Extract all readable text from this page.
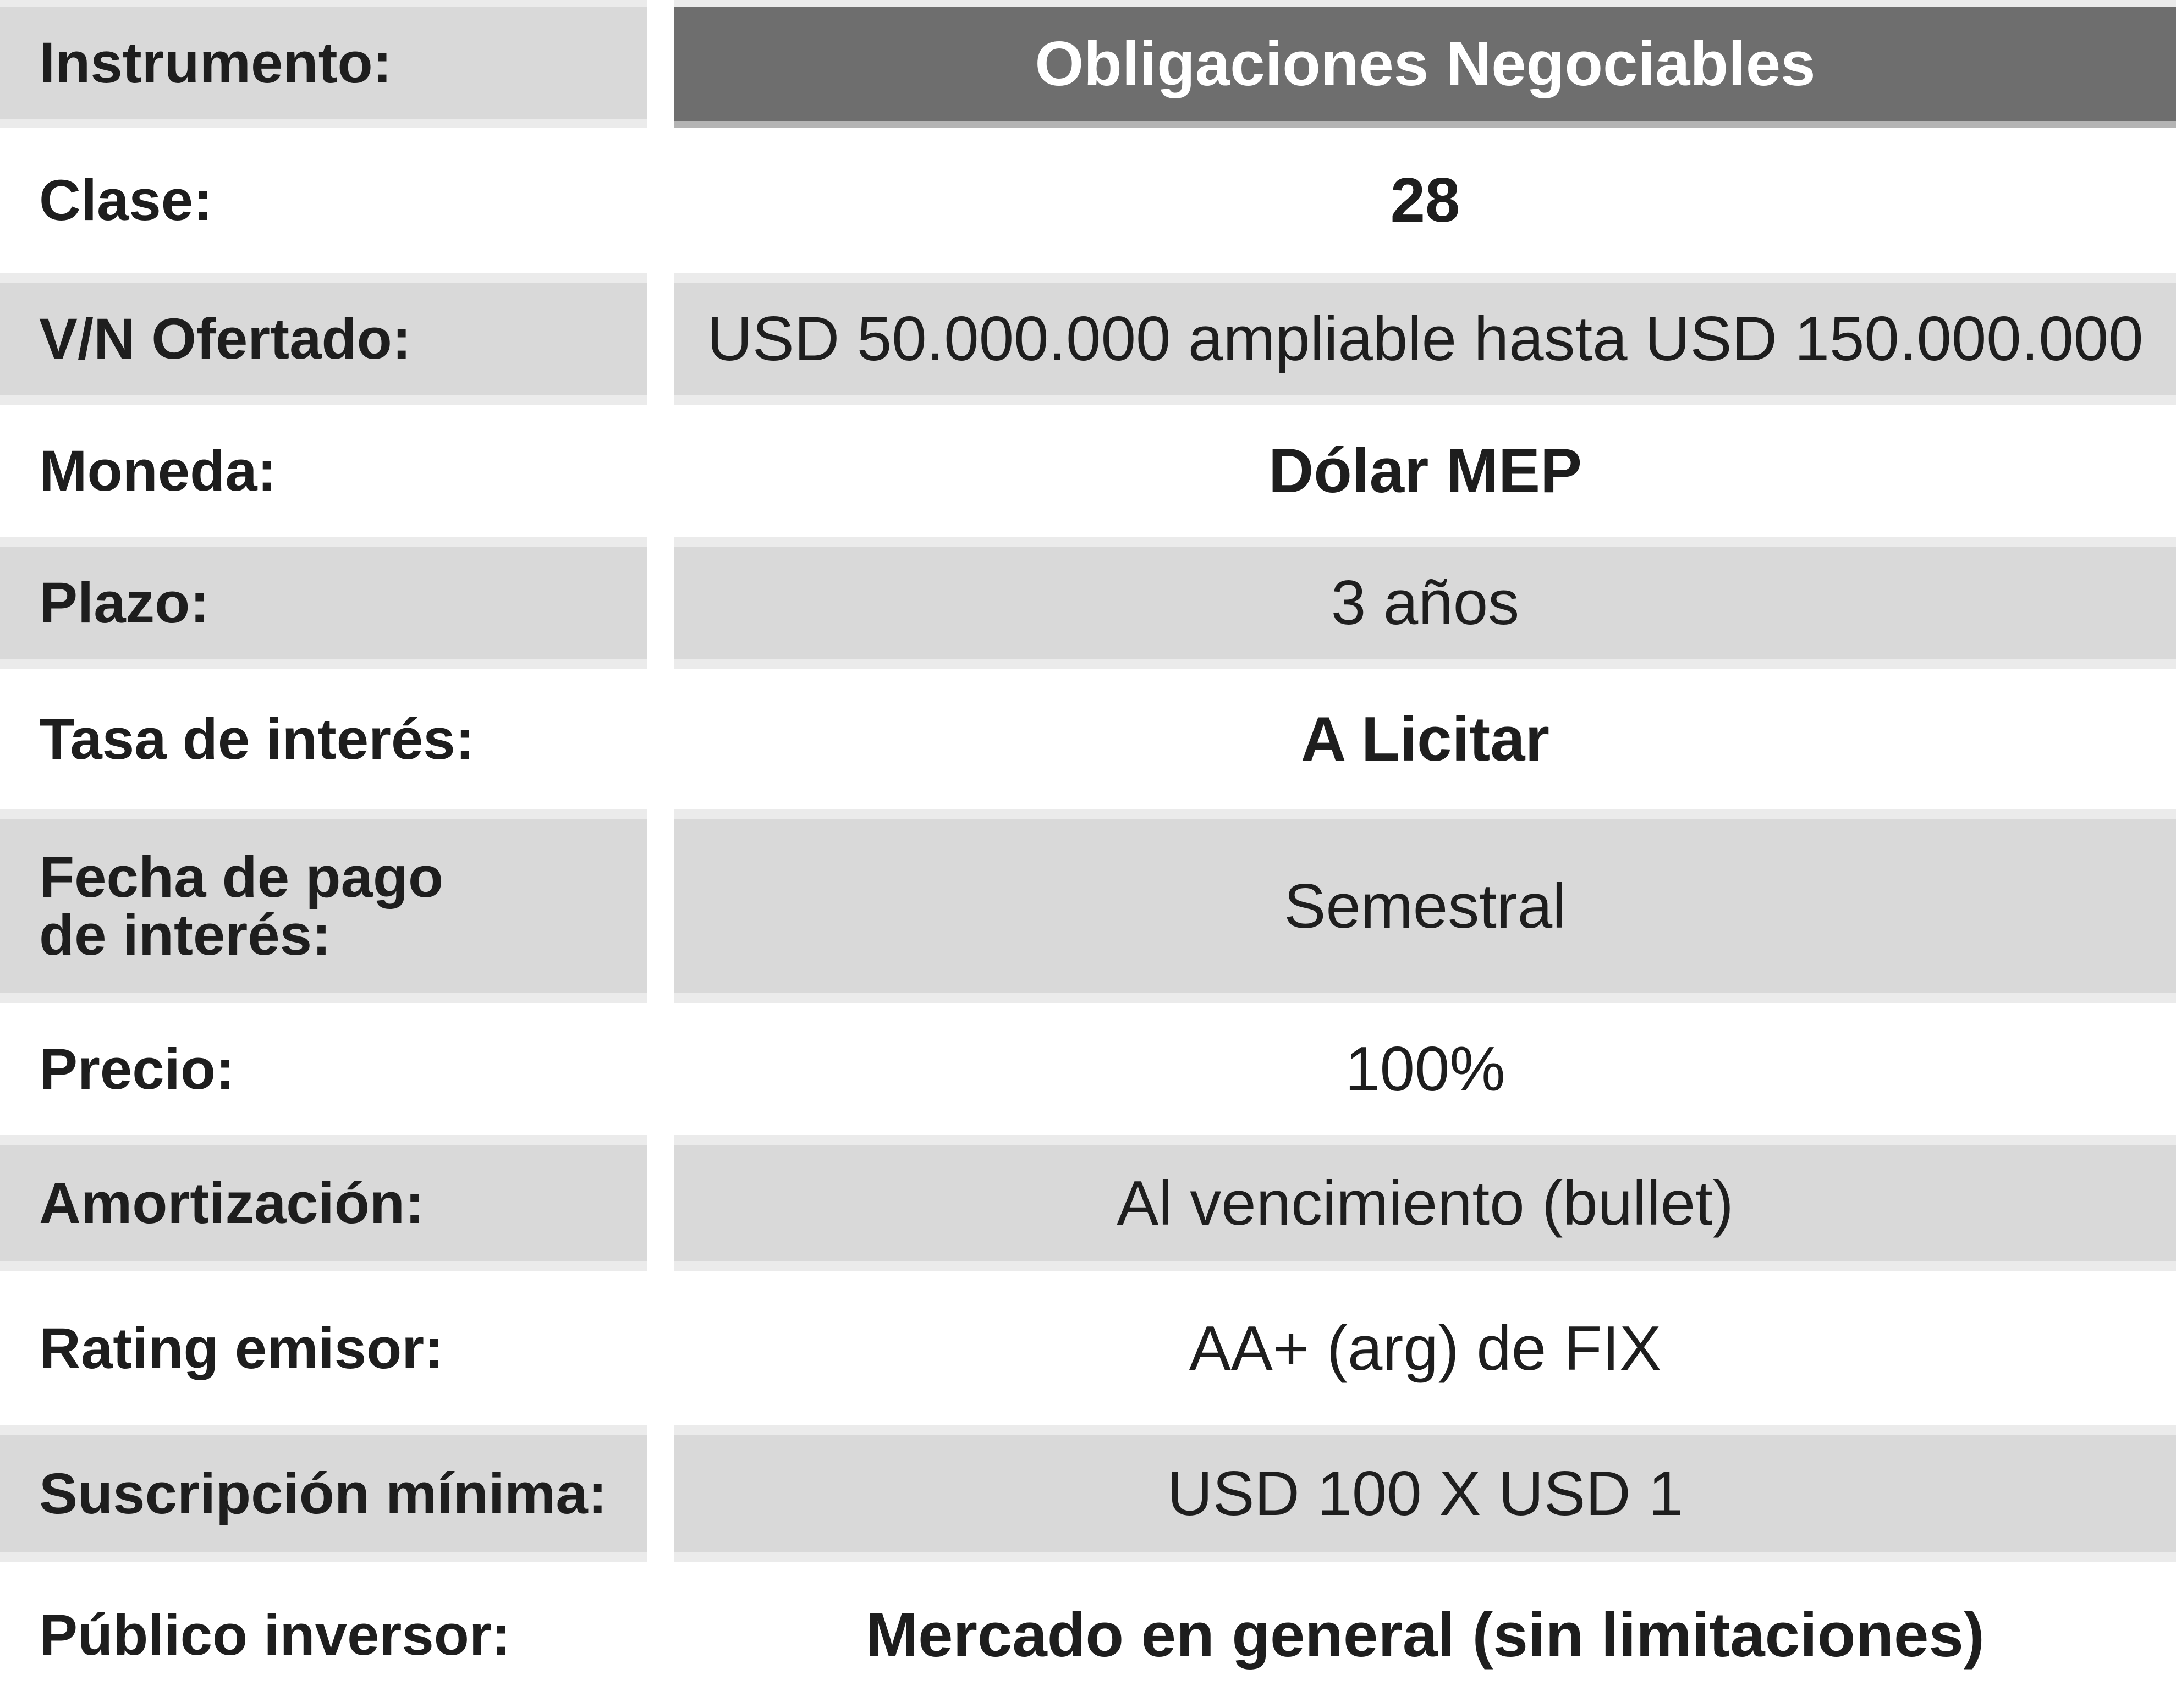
Instrumento:	Obligaciones Negociables
Clase:	28
V/N Ofertado:	USD 50.000.000 ampliable hasta USD 150.000.000
Moneda:	Dólar MEP
Plazo:	3 años
Tasa de interés:	A Licitar
Fecha de pago
de interés:	Semestral
Precio:	100%
Amortización:	Al vencimiento (bullet)
Rating emisor:	AA+ (arg) de FIX
Suscripción mínima:	USD 100 X USD 1
Público inversor:	Mercado en general (sin limitaciones)
